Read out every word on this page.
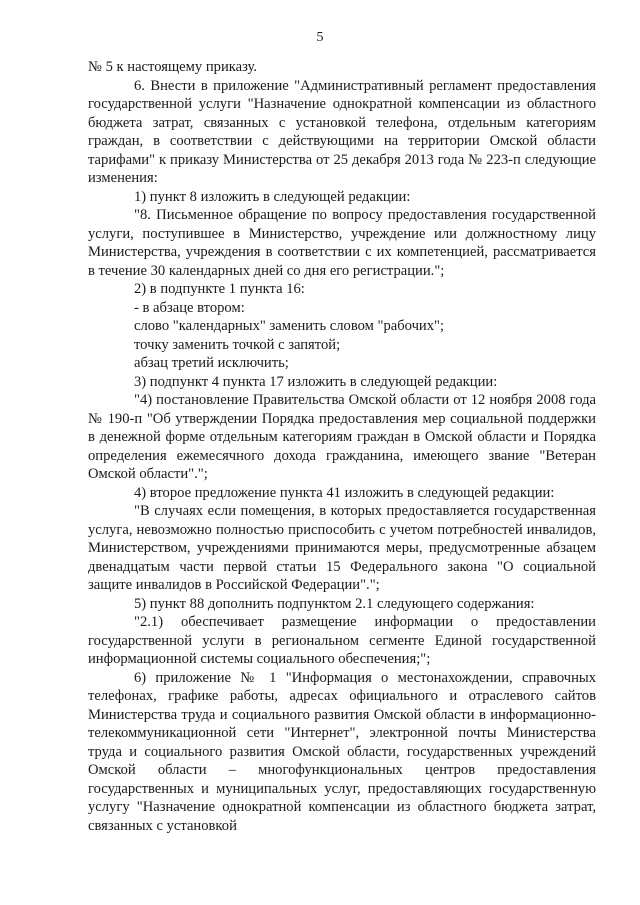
5

№ 5 к настоящему приказу.

6. Внести в приложение "Административный регламент предоставления государственной услуги "Назначение однократной компенсации из областного бюджета затрат, связанных с установкой телефона, отдельным категориям граждан, в соответствии с действующими на территории Омской области тарифами" к приказу Министерства от 25 декабря 2013 года № 223-п следующие изменения:

1) пункт 8 изложить в следующей редакции:

"8. Письменное обращение по вопросу предоставления государственной услуги, поступившее в Министерство, учреждение или должностному лицу Министерства, учреждения в соответствии с их компетенцией, рассматривается в течение 30 календарных дней со дня его регистрации.";

2) в подпункте 1 пункта 16:

- в абзаце втором:

слово "календарных" заменить словом "рабочих";

точку заменить точкой с запятой;

абзац третий исключить;

3) подпункт 4 пункта 17 изложить в следующей редакции:

"4) постановление Правительства Омской области от 12 ноября 2008 года № 190-п "Об утверждении Порядка предоставления мер социальной поддержки в денежной форме отдельным категориям граждан в Омской области и Порядка определения ежемесячного дохода гражданина, имеющего звание "Ветеран Омской области".";

4) второе предложение пункта 41 изложить в следующей редакции:

"В случаях если помещения, в которых предоставляется государственная услуга, невозможно полностью приспособить с учетом потребностей инвалидов, Министерством, учреждениями принимаются меры, предусмотренные абзацем двенадцатым части первой статьи 15 Федерального закона "О социальной защите инвалидов в Российской Федерации".";

5) пункт 88 дополнить подпунктом 2.1 следующего содержания:

"2.1) обеспечивает размещение информации о предоставлении государственной услуги в региональном сегменте Единой государственной информационной системы социального обеспечения;";

6) приложение № 1 "Информация о местонахождении, справочных телефонах, графике работы, адресах официального и отраслевого сайтов Министерства труда и социального развития Омской области в информационно-телекоммуникационной сети "Интернет", электронной почты Министерства труда и социального развития Омской области, государственных учреждений Омской области – многофункциональных центров предоставления государственных и муниципальных услуг, предоставляющих государственную услугу "Назначение однократной компенсации из областного бюджета затрат, связанных с установкой
